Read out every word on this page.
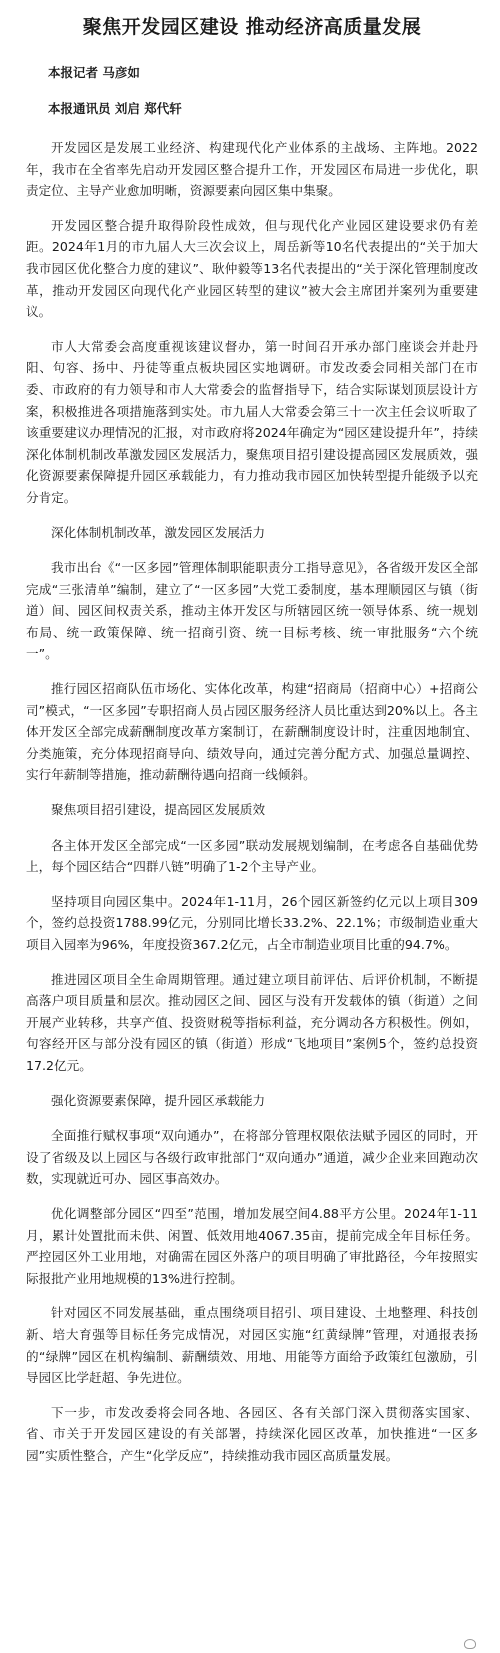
聚焦开发园区建设 推动经济高质量发展
本报记者 马彦如
本报通讯员 刘启 郑代轩
开发园区是发展工业经济、构建现代化产业体系的主战场、主阵地。2022年，我市在全省率先启动开发园区整合提升工作，开发园区布局进一步优化，职责定位、主导产业愈加明晰，资源要素向园区集中集聚。
开发园区整合提升取得阶段性成效，但与现代化产业园区建设要求仍有差距。2024年1月的市九届人大三次会议上，周岳新等10名代表提出的“关于加大我市园区优化整合力度的建议”、耿仲毅等13名代表提出的“关于深化管理制度改革，推动开发园区向现代化产业园区转型的建议”被大会主席团并案列为重要建议。
市人大常委会高度重视该建议督办，第一时间召开承办部门座谈会并赴丹阳、句容、扬中、丹徒等重点板块园区实地调研。市发改委会同相关部门在市委、市政府的有力领导和市人大常委会的监督指导下，结合实际谋划顶层设计方案，积极推进各项措施落到实处。市九届人大常委会第三十一次主任会议听取了该重要建议办理情况的汇报，对市政府将2024年确定为“园区建设提升年”，持续深化体制机制改革激发园区发展活力，聚焦项目招引建设提高园区发展质效，强化资源要素保障提升园区承载能力，有力推动我市园区加快转型提升能级予以充分肯定。
深化体制机制改革，激发园区发展活力
我市出台《“一区多园”管理体制职能职责分工指导意见》，各省级开发区全部完成“三张清单”编制，建立了“一区多园”大党工委制度，基本理顺园区与镇（街道）间、园区间权责关系，推动主体开发区与所辖园区统一领导体系、统一规划布局、统一政策保障、统一招商引资、统一目标考核、统一审批服务“六个统一”。
推行园区招商队伍市场化、实体化改革，构建“招商局（招商中心）+招商公司”模式，“一区多园”专职招商人员占园区服务经济人员比重达到20%以上。各主体开发区全部完成薪酬制度改革方案制订，在薪酬制度设计时，注重因地制宜、分类施策，充分体现招商导向、绩效导向，通过完善分配方式、加强总量调控、实行年薪制等措施，推动薪酬待遇向招商一线倾斜。
聚焦项目招引建设，提高园区发展质效
各主体开发区全部完成“一区多园”联动发展规划编制，在考虑各自基础优势上，每个园区结合“四群八链”明确了1-2个主导产业。
坚持项目向园区集中。2024年1-11月，26个园区新签约亿元以上项目309个，签约总投资1788.99亿元，分别同比增长33.2%、22.1%；市级制造业重大项目入园率为96%，年度投资367.2亿元，占全市制造业项目比重的94.7%。
推进园区项目全生命周期管理。通过建立项目前评估、后评价机制，不断提高落户项目质量和层次。推动园区之间、园区与没有开发载体的镇（街道）之间开展产业转移，共享产值、投资财税等指标利益，充分调动各方积极性。例如，句容经开区与部分没有园区的镇（街道）形成“飞地项目”案例5个，签约总投资17.2亿元。
强化资源要素保障，提升园区承载能力
全面推行赋权事项“双向通办”，在将部分管理权限依法赋予园区的同时，开设了省级及以上园区与各级行政审批部门“双向通办”通道，减少企业来回跑动次数，实现就近可办、园区事高效办。
优化调整部分园区“四至”范围，增加发展空间4.88平方公里。2024年1-11月，累计处置批而未供、闲置、低效用地4067.35亩，提前完成全年目标任务。严控园区外工业用地，对确需在园区外落户的项目明确了审批路径，今年按照实际报批产业用地规模的13%进行控制。
针对园区不同发展基础，重点围绕项目招引、项目建设、土地整理、科技创新、培大育强等目标任务完成情况，对园区实施“红黄绿牌”管理，对通报表扬的“绿牌”园区在机构编制、薪酬绩效、用地、用能等方面给予政策红包激励，引导园区比学赶超、争先进位。
下一步，市发改委将会同各地、各园区、各有关部门深入贯彻落实国家、省、市关于开发园区建设的有关部署，持续深化园区改革，加快推进“一区多园”实质性整合，产生“化学反应”，持续推动我市园区高质量发展。
